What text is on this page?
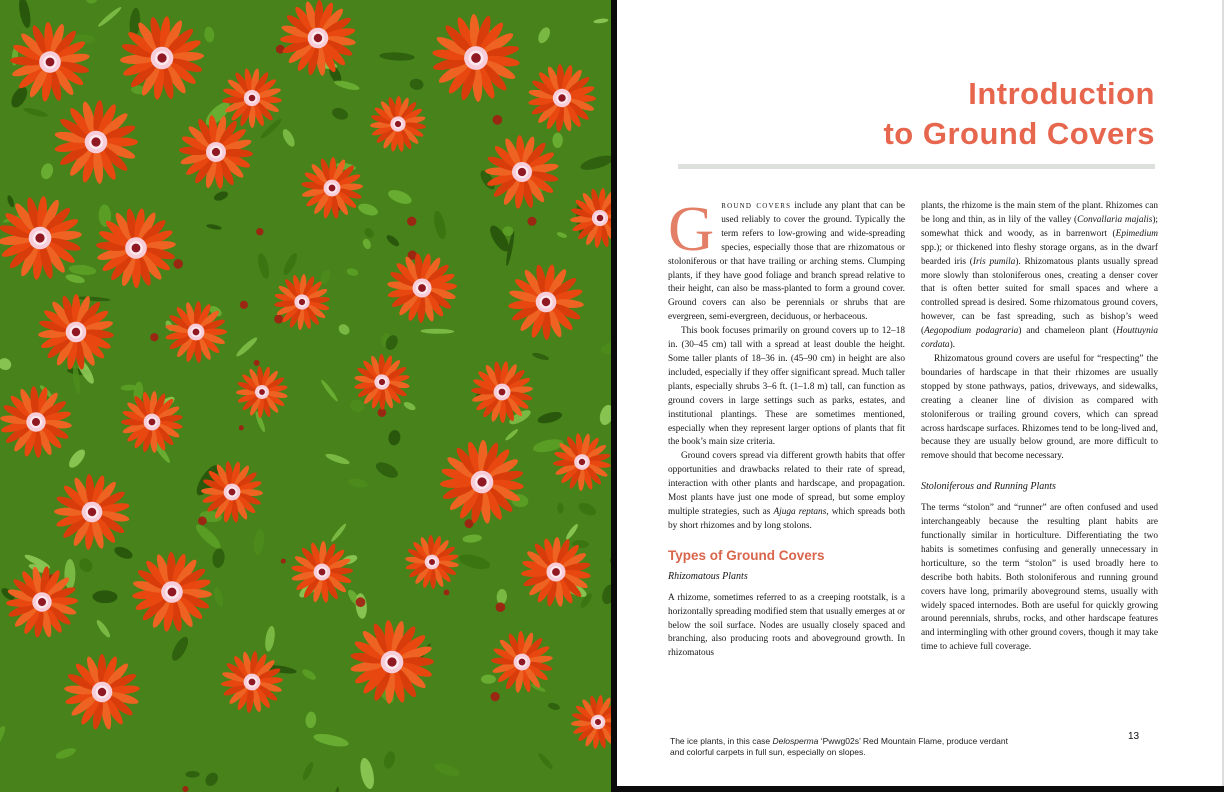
Introduction
to Ground Covers

Ground covers include any plant that can be used reliably to cover the ground. Typically the term refers to low-growing and wide-spreading species, especially those that are rhizomatous or stoloniferous or that have trailing or arching stems. Clumping plants, if they have good foliage and branch spread relative to their height, can also be mass-planted to form a ground cover. Ground covers can also be perennials or shrubs that are evergreen, semi-evergreen, deciduous, or herbaceous.

This book focuses primarily on ground covers up to 12–18 in. (30–45 cm) tall with a spread at least double the height. Some taller plants of 18–36 in. (45–90 cm) in height are also included, especially if they offer significant spread. Much taller plants, especially shrubs 3–6 ft. (1–1.8 m) tall, can function as ground covers in large settings such as parks, estates, and institutional plantings. These are sometimes mentioned, especially when they represent larger options of plants that fit the book’s main size criteria.

Ground covers spread via different growth habits that offer opportunities and drawbacks related to their rate of spread, interaction with other plants and hardscape, and propagation. Most plants have just one mode of spread, but some employ multiple strategies, such as Ajuga reptans, which spreads both by short rhizomes and by long stolons.

Types of Ground Covers

Rhizomatous Plants

A rhizome, sometimes referred to as a creeping rootstalk, is a horizontally spreading modified stem that usually emerges at or below the soil surface. Nodes are usually closely spaced and branching, also producing roots and aboveground growth. In rhizomatous

plants, the rhizome is the main stem of the plant. Rhizomes can be long and thin, as in lily of the valley (Convallaria majalis); somewhat thick and woody, as in barrenwort (Epimedium spp.); or thickened into fleshy storage organs, as in the dwarf bearded iris (Iris pumila). Rhizomatous plants usually spread more slowly than stoloniferous ones, creating a denser cover that is often better suited for small spaces and where a controlled spread is desired. Some rhizomatous ground covers, however, can be fast spreading, such as bishop’s weed (Aegopodium podagraria) and chameleon plant (Houttuynia cordata).

Rhizomatous ground covers are useful for “respecting” the boundaries of hardscape in that their rhizomes are usually stopped by stone pathways, patios, driveways, and sidewalks, creating a cleaner line of division as compared with stoloniferous or trailing ground covers, which can spread across hardscape surfaces. Rhizomes tend to be long-lived and, because they are usually below ground, are more difficult to remove should that become necessary.

Stoloniferous and Running Plants

The terms “stolon” and “runner” are often confused and used interchangeably because the resulting plant habits are functionally similar in horticulture. Differentiating the two habits is sometimes confusing and generally unnecessary in horticulture, so the term “stolon” is used broadly here to describe both habits. Both stoloniferous and running ground covers have long, primarily aboveground stems, usually with widely spaced internodes. Both are useful for quickly growing around perennials, shrubs, rocks, and other hardscape features and intermingling with other ground covers, though it may take time to achieve full coverage.

The ice plants, in this case Delosperma ‘Pwwg02s’ Red Mountain Flame, produce verdant and colorful carpets in full sun, especially on slopes.

13
